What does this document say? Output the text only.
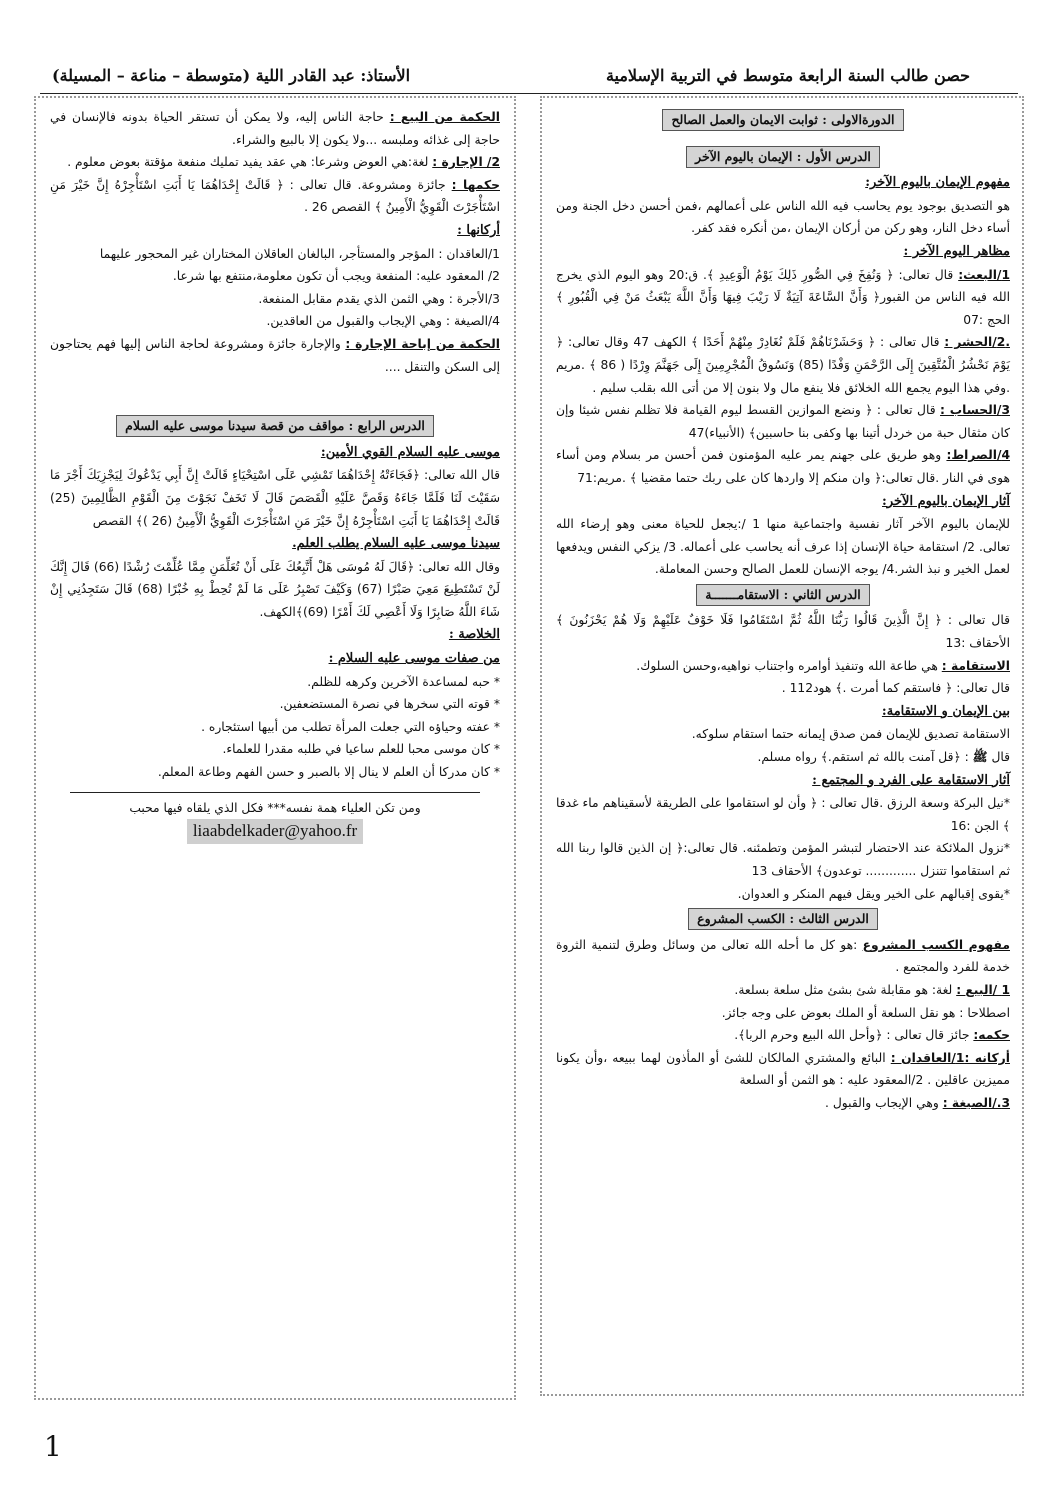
حصن طالب السنة الرابعة متوسط في التربية الإسلامية
الأستاذ: عبد القادر اللية (متوسطة – مناعة – المسيلة)
الدورةالاولى : ثوابت الايمان والعمل الصالح
الدرس الأول : الإيمان باليوم الآخر

مفهوم الإيمان باليوم الآخر:

هو التصديق بوجود يوم يحاسب فيه الله الناس على أعمالهم ،فمن أحسن دخل الجنة ومن أساء دخل النار، وهو ركن من أركان الإيمان ،من أنكره فقد كفر.

مظاهر اليوم الآخر :

1/البعث: قال تعالى: ﴿ وَنُفِخَ فِي الصُّورِ ذَلِكَ يَوْمُ الْوَعِيدِ ﴾. ق:20 وهو اليوم الذي يخرج الله فيه الناس من القبور﴿ وَأَنَّ السَّاعَةَ آتِيَةٌ لَا رَيْبَ فِيهَا وَأَنَّ اللَّهَ يَبْعَثُ مَنْ فِي الْقُبُورِ ﴾ الحج :07

.2/الحشر : قال تعالى : ﴿ وَحَشَرْنَاهُمْ فَلَمْ نُغَادِرْ مِنْهُمْ أَحَدًا ﴾ الكهف 47 وقال تعالى: ﴿ يَوْمَ نَحْشُرُ الْمُتَّقِينَ إِلَى الرَّحْمَنِ وَفْدًا (85) وَنَسُوقُ الْمُجْرِمِينَ إِلَى جَهَنَّمَ وِرْدًا ( 86 ﴾ .مريم .وفي هذا اليوم يجمع الله الخلائق فلا ينفع مال ولا بنون إلا من أتى الله بقلب سليم .

3/الحساب : قال تعالى : ﴿ ونضع الموازين القسط ليوم القيامة فلا تظلم نفس شيئا وإن كان مثقال حبة من خردل أتينا بها وكفى بنا حاسبين﴾ (الأنبياء)47

4/الصراط: وهو طريق على جهنم يمر عليه المؤمنون فمن أحسن مر بسلام ومن أساء هوى في النار .قال تعالى:﴿ وان منكم إلا واردها كان على ربك حتما مقضيا ﴾ .مريم:71

آثار الإيمان باليوم الآخر:

للإيمان باليوم الآخر آثار نفسية واجتماعية منها 1 /:يجعل للحياة معنى وهو إرضاء الله تعالى. 2/ استقامة حياة الإنسان إذا عرف أنه يحاسب على أعماله. 3/ يزكي النفس ويدفعها لعمل الخير و نبذ الشر.4/ يوجه الإنسان للعمل الصالح وحسن المعاملة.

الدرس الثاني : الاستقامـــــــة

قال تعالى : ﴿ إِنَّ الَّذِينَ قَالُوا رَبُّنَا اللَّهُ ثُمَّ اسْتَقَامُوا فَلَا خَوْفٌ عَلَيْهِمْ وَلَا هُمْ يَحْزَنُونَ ﴾ الأحقاف :13

الاستقامة : هي طاعة الله وتنفيذ أوامره واجتناب نواهيه،وحسن السلوك.

قال تعالى: ﴿ فاستقم كما أمرت .﴾ هود112 .

بين الإيمان و الاستقامة:

الاستقامة تصديق للإيمان فمن صدق إيمانه حتما استقام سلوكه.

قال ﷺ : ﴿قل آمنت بالله ثم استقم.﴾ رواه مسلم.

آثار الاستقامة على الفرد و المجتمع :

*نيل البركة وسعة الرزق .قال تعالى : ﴿ وأن لو استقاموا على الطريقة لأسقيناهم ماء غدقا ﴾ الجن :16

*نزول الملائكة عند الاحتضار لتبشر المؤمن وتطمئنه. قال تعالى:﴿ إن الذين قالوا ربنا الله ثم استقاموا تتنزل ............. توعدون﴾ الأحقاف 13

*يقوى إقبالهم على الخير ويقل فيهم المنكر و العدوان.

الدرس الثالث : الكسب المشروع

مفهوم الكسب المشروع :هو كل ما أحله الله تعالى من وسائل وطرق لتنمية الثروة خدمة للفرد والمجتمع .

1 /البيع : لغة: هو مقابلة شئ بشئ مثل سلعة بسلعة.

اصطلاحا : هو نقل السلعة أو الملك بعوض على وجه جائز.

حكمه: جائز قال تعالى : ﴿وأحل الله البيع وحرم الربا﴾.

أركانه :1/العاقدان : البائع والمشتري المالكان للشئ أو المأذون لهما ببيعه ،وأن يكونا مميزين عاقلين . 2/المعقود عليه : هو الثمن أو السلعة

3./الصيغة : وهي الإيجاب والقبول .

الحكمة من البيع : حاجة الناس إليه، ولا يمكن أن تستقر الحياة بدونه فالإنسان في حاجة إلى غذائه وملبسه ...ولا يكون إلا بالبيع والشراء.

2/ الإجارة : لغة:هي العوض وشرعا: هي عقد يفيد تمليك منفعة مؤقتة بعوض معلوم .

حكمها : جائزة ومشروعة. قال تعالى : ﴿ قَالَتْ إِحْدَاهُمَا يَا أَبَتِ اسْتَأْجِرْهُ إِنَّ خَيْرَ مَنِ اسْتَأْجَرْتَ الْقَوِيُّ الْأَمِينُ ﴾ القصص 26 .

أركانها :

1/العاقدان : المؤجر والمستأجر، البالغان العاقلان المختاران غير المحجور عليهما

2/ المعقود عليه: المنفعة ويجب أن تكون معلومة،منتفع بها شرعا.

3/الأجرة : وهي الثمن الذي يقدم مقابل المنفعة.

4/الصيغة : وهي الإيجاب والقبول من العاقدين.

الحكمة من إباحة الإجارة : والإجارة جائزة ومشروعة لحاجة الناس إليها فهم يحتاجون إلى السكن والتنقل ....

الدرس الرابع : مواقف من قصة سيدنا موسى عليه السلام

موسى عليه السلام القوي الأمين:

قال الله تعالى: ﴿فَجَاءَتْهُ إِحْدَاهُمَا تَمْشِي عَلَى اسْتِحْيَاءٍ قَالَتْ إِنَّ أَبِي يَدْعُوكَ لِيَجْزِيَكَ أَجْرَ مَا سَقَيْتَ لَنَا فَلَمَّا جَاءَهُ وَقَصَّ عَلَيْهِ الْقَصَصَ قَالَ لَا تَخَفْ نَجَوْتَ مِنَ الْقَوْمِ الظَّالِمِينَ (25) قَالَتْ إِحْدَاهُمَا يَا أَبَتِ اسْتَأْجِرْهُ إِنَّ خَيْرَ مَنِ اسْتَأْجَرْتَ الْقَوِيُّ الْأَمِينُ (26 )﴾ القصص

سيدنا موسى عليه السلام يطلب العلم.

وقال الله تعالى: ﴿قَالَ لَهُ مُوسَى هَلْ أَتَّبِعُكَ عَلَى أَنْ تُعَلِّمَنِ مِمَّا عُلِّمْتَ رُشْدًا (66) قَالَ إِنَّكَ لَنْ تَسْتَطِيعَ مَعِيَ صَبْرًا (67) وَكَيْفَ تَصْبِرُ عَلَى مَا لَمْ تُحِطْ بِهِ خُبْرًا (68) قَالَ سَتَجِدُنِي إِنْ شَاءَ اللَّهُ صَابِرًا وَلَا أَعْصِي لَكَ أَمْرًا (69)﴾الكهف.

الخلاصة :

من صفات موسى عليه السلام :

* حبه لمساعدة الآخرين وكرهه للظلم.

* قوته التي سخرها في نصرة المستضعفين.

* عفته وحياؤه التي جعلت المرأة تطلب من أبيها استئجاره .

* كان موسى محبا للعلم ساعيا في طلبه مقدرا للعلماء.

* كان مدركا أن العلم لا ينال إلا بالصبر و حسن الفهم وطاعة المعلم.

ومن تكن العلياء همة نفسه*** فكل الذي يلقاه فيها محبب

liaabdelkader@yahoo.fr
1
